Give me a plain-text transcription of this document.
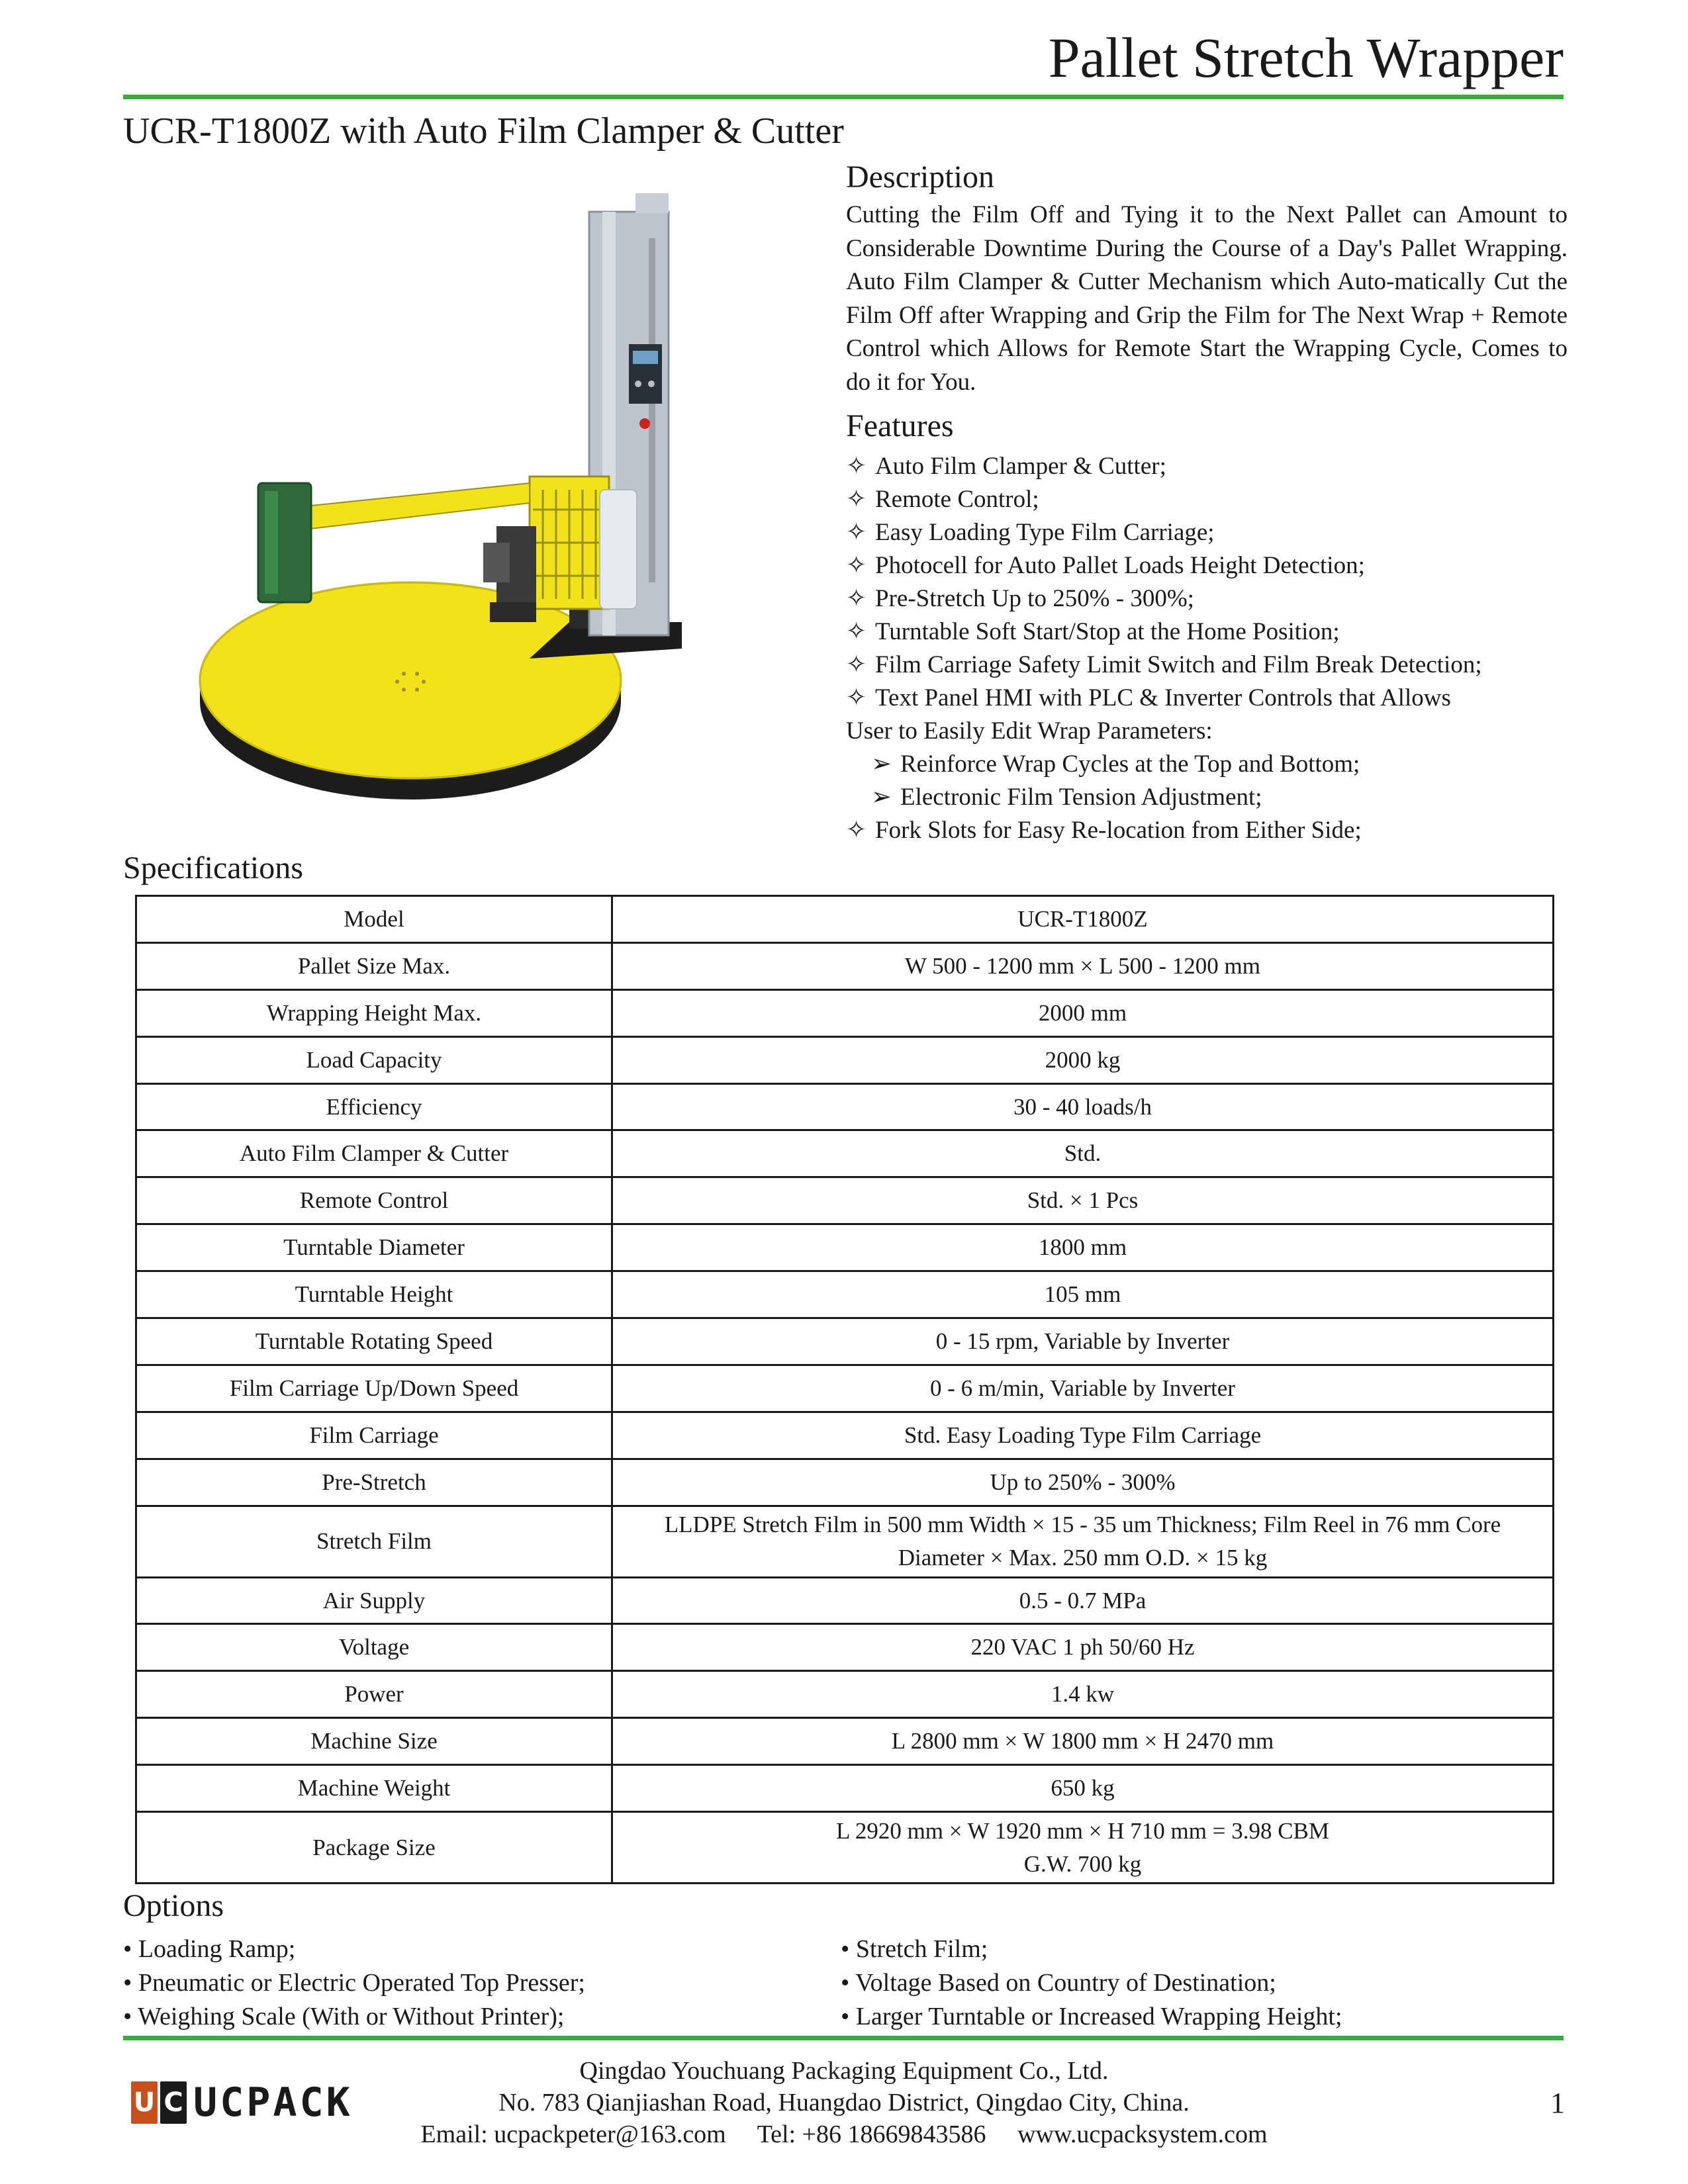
Pallet Stretch Wrapper
UCR-T1800Z with Auto Film Clamper & Cutter
Description
Cutting the Film Off and Tying it to the Next Pallet can Amount to Considerable Downtime During the Course of a Day's Pallet Wrapping. Auto Film Clamper & Cutter Mechanism which Auto-matically Cut the Film Off after Wrapping and Grip the Film for The Next Wrap + Remote Control which Allows for Remote Start the Wrapping Cycle, Comes to do it for You.
Features
✧ Auto Film Clamper & Cutter;
✧ Remote Control;
✧ Easy Loading Type Film Carriage;
✧ Photocell for Auto Pallet Loads Height Detection;
✧ Pre-Stretch Up to 250% - 300%;
✧ Turntable Soft Start/Stop at the Home Position;
✧ Film Carriage Safety Limit Switch and Film Break Detection;
✧ Text Panel HMI with PLC & Inverter Controls that Allows
User to Easily Edit Wrap Parameters:
➢ Reinforce Wrap Cycles at the Top and Bottom;
➢ Electronic Film Tension Adjustment;
✧ Fork Slots for Easy Re-location from Either Side;
Specifications
Model	UCR-T1800Z
Pallet Size Max.	W 500 - 1200 mm × L 500 - 1200 mm
Wrapping Height Max.	2000 mm
Load Capacity	2000 kg
Efficiency	30 - 40 loads/h
Auto Film Clamper & Cutter	Std.
Remote Control	Std. × 1 Pcs
Turntable Diameter	1800 mm
Turntable Height	105 mm
Turntable Rotating Speed	0 - 15 rpm, Variable by Inverter
Film Carriage Up/Down Speed	0 - 6 m/min, Variable by Inverter
Film Carriage	Std. Easy Loading Type Film Carriage
Pre-Stretch	Up to 250% - 300%
Stretch Film	LLDPE Stretch Film in 500 mm Width × 15 - 35 um Thickness; Film Reel in 76 mm Core
Diameter × Max. 250 mm O.D. × 15 kg

Air Supply	0.5 - 0.7 MPa
Voltage	220 VAC 1 ph 50/60 Hz
Power	1.4 kw
Machine Size	L 2800 mm × W 1800 mm × H 2470 mm
Machine Weight	650 kg
Package Size	L 2920 mm × W 1920 mm × H 710 mm = 3.98 CBM
G.W. 700 kg
Options
• Loading Ramp;
• Pneumatic or Electric Operated Top Presser;
• Weighing Scale (With or Without Printer);
• Stretch Film;
• Voltage Based on Country of Destination;
• Larger Turntable or Increased Wrapping Height;
U C UCPACK
Qingdao Youchuang Packaging Equipment Co., Ltd.
No. 783 Qianjiashan Road, Huangdao District, Qingdao City, China.
Email: ucpackpeter@163.com Tel: +86 18669843586 www.ucpacksystem.com
1
